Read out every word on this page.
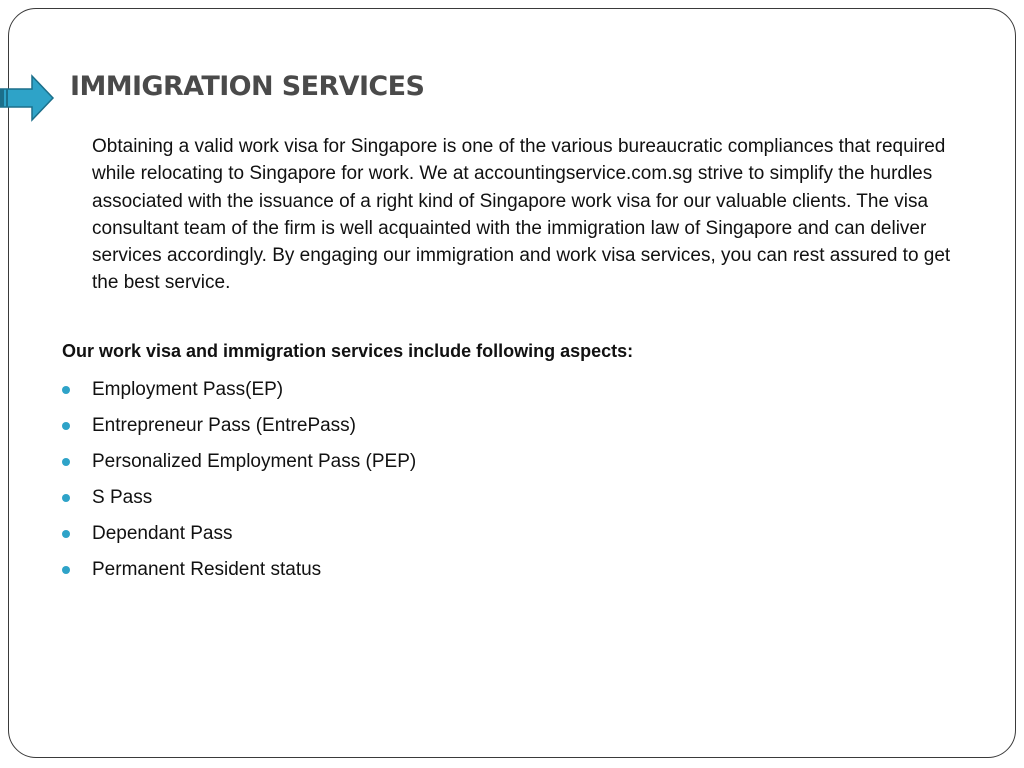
IMMIGRATION SERVICES

Obtaining a valid work visa for Singapore is one of the various bureaucratic compliances that required while relocating to Singapore for work. We at accountingservice.com.sg strive to simplify the hurdles associated with the issuance of a right kind of Singapore work visa for our valuable clients. The visa consultant team of the firm is well acquainted with the immigration law of Singapore and can deliver services accordingly. By engaging our immigration and work visa services, you can rest assured to get the best service.

Our work visa and immigration services include following aspects:

Employment Pass(EP)
Entrepreneur Pass (EntrePass)
Personalized Employment Pass (PEP)
S Pass
Dependant Pass
Permanent Resident status
